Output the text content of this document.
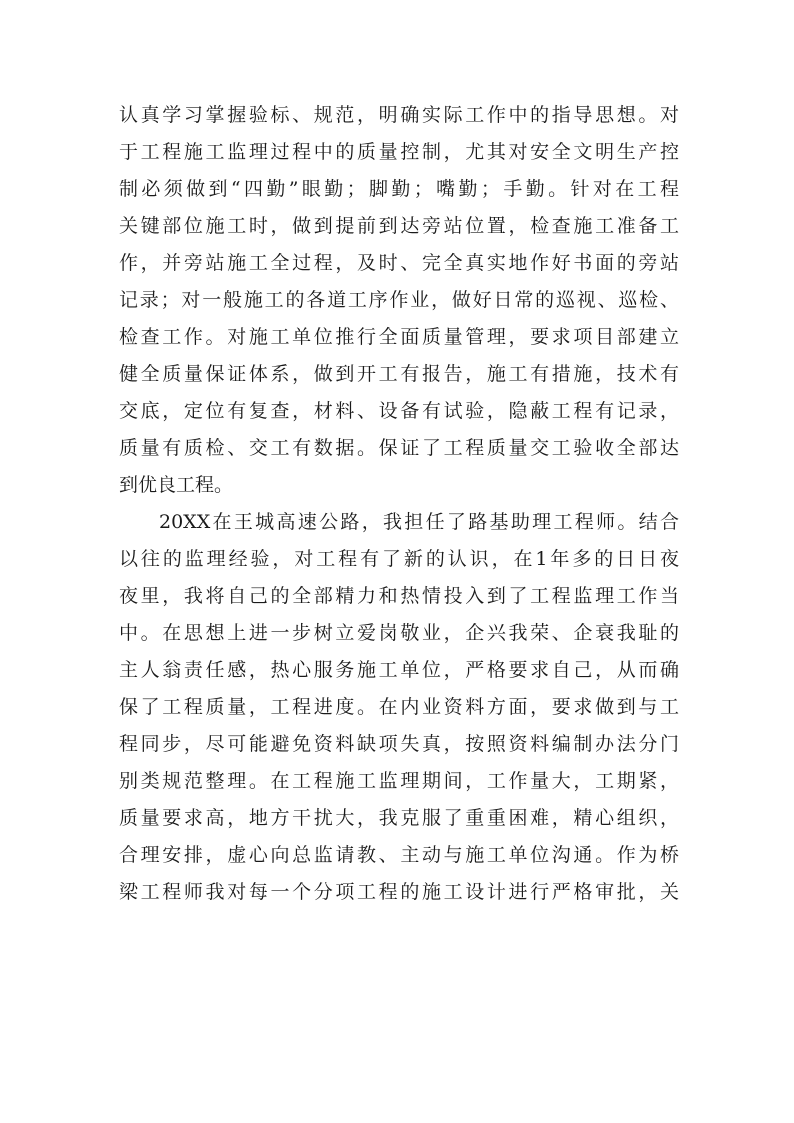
认真学习掌握验标、规范，明确实际工作中的指导思想。对
于工程施工监理过程中的质量控制，尤其对安全文明生产控
制必须做到“四勤”眼勤；脚勤；嘴勤；手勤。针对在工程
关键部位施工时，做到提前到达旁站位置，检查施工准备工
作，并旁站施工全过程，及时、完全真实地作好书面的旁站
记录；对一般施工的各道工序作业，做好日常的巡视、巡检、
检查工作。对施工单位推行全面质量管理，要求项目部建立
健全质量保证体系，做到开工有报告，施工有措施，技术有
交底，定位有复查，材料、设备有试验，隐蔽工程有记录，
质量有质检、交工有数据。保证了工程质量交工验收全部达
到优良工程。
20XX在王城高速公路，我担任了路基助理工程师。结合
以往的监理经验，对工程有了新的认识，在1年多的日日夜
夜里，我将自己的全部精力和热情投入到了工程监理工作当
中。在思想上进一步树立爱岗敬业，企兴我荣、企衰我耻的
主人翁责任感，热心服务施工单位，严格要求自己，从而确
保了工程质量，工程进度。在内业资料方面，要求做到与工
程同步，尽可能避免资料缺项失真，按照资料编制办法分门
别类规范整理。在工程施工监理期间，工作量大，工期紧，
质量要求高，地方干扰大，我克服了重重困难，精心组织，
合理安排，虚心向总监请教、主动与施工单位沟通。作为桥
梁工程师我对每一个分项工程的施工设计进行严格审批，关
